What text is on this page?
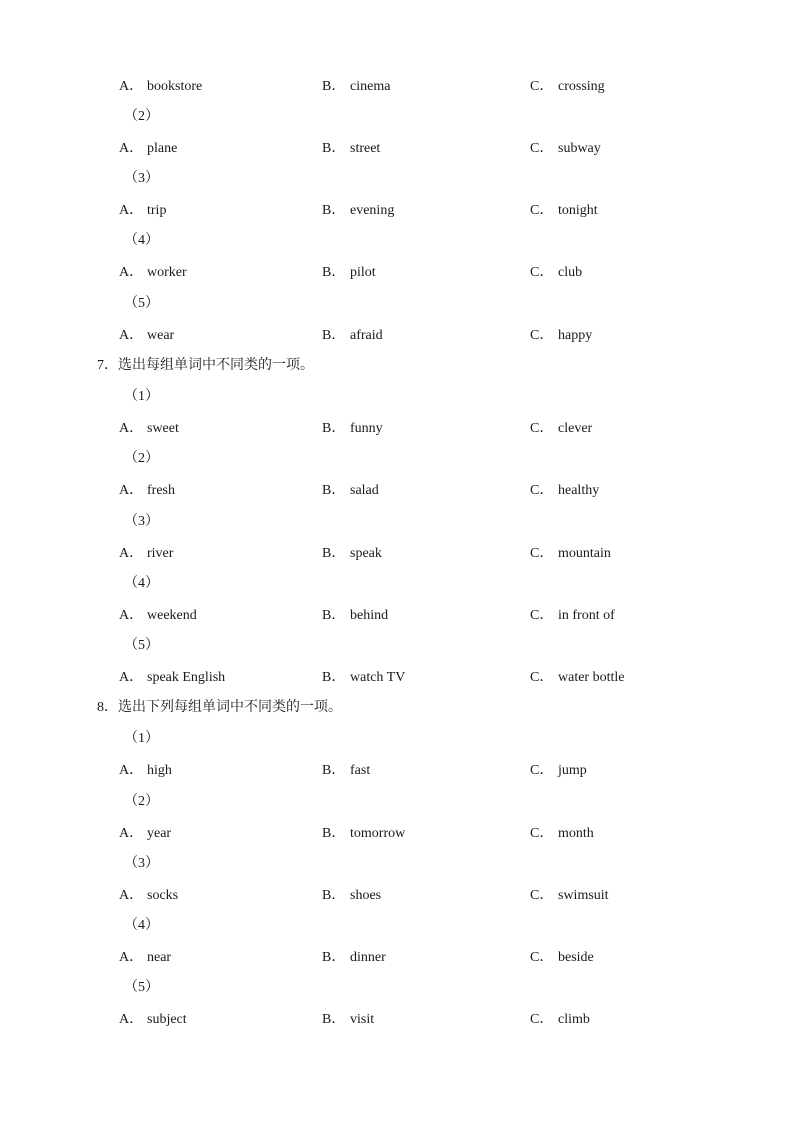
A． bookstore	B． cinema	C． crossing
（2）
A． plane	B． street	C． subway
（3）
A． trip	B． evening	C． tonight
（4）
A． worker	B． pilot	C． club
（5）
A． wear	B． afraid	C． happy
7．选出每组单词中不同类的一项。
（1）
A． sweet	B． funny	C． clever
（2）
A． fresh	B． salad	C． healthy
（3）
A． river	B． speak	C． mountain
（4）
A． weekend	B． behind	C． in front of
（5）
A． speak English	B． watch TV	C． water bottle
8．选出下列每组单词中不同类的一项。
（1）
A． high	B． fast	C． jump
（2）
A． year	B． tomorrow	C． month
（3）
A． socks	B． shoes	C． swimsuit
（4）
A． near	B． dinner	C． beside
（5）
A． subject	B． visit	C． climb
